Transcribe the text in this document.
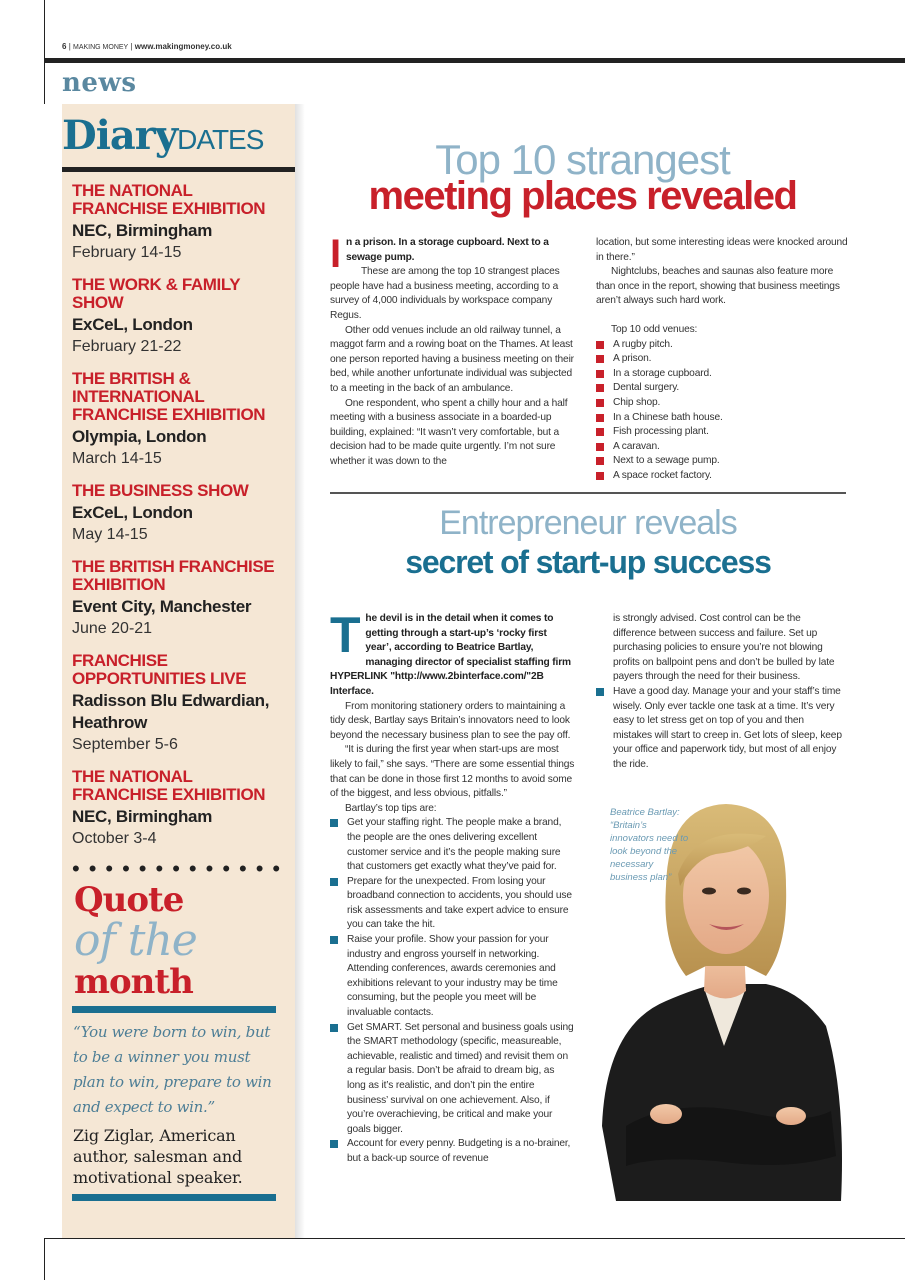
6 | MAKING MONEY | www.makingmoney.co.uk
news
DiaryDATES
THE NATIONAL FRANCHISE EXHIBITION
NEC, Birmingham
February 14-15
THE WORK & FAMILY SHOW
ExCeL, London
February 21-22
THE BRITISH & INTERNATIONAL FRANCHISE EXHIBITION
Olympia, London
March 14-15
THE BUSINESS SHOW
ExCeL, London
May 14-15
THE BRITISH FRANCHISE EXHIBITION
Event City, Manchester
June 20-21
FRANCHISE OPPORTUNITIES LIVE
Radisson Blu Edwardian, Heathrow
September 5-6
THE NATIONAL FRANCHISE EXHIBITION
NEC, Birmingham
October 3-4
•••••••••••••
Quote
of the
month
“You were born to win, but to be a winner you must plan to win, prepare to win and expect to win.”
Zig Ziglar, American author, salesman and motivational speaker.
Top 10 strangest
meeting places revealed

In a prison. In a storage cupboard. Next to a sewage pump.

These are among the top 10 strangest places people have had a business meeting, according to a survey of 4,000 individuals by workspace company Regus.

Other odd venues include an old railway tunnel, a maggot farm and a rowing boat on the Thames. At least one person reported having a business meeting on their bed, while another unfortunate individual was subjected to a meeting in the back of an ambulance.

One respondent, who spent a chilly hour and a half meeting with a business associate in a boarded-up building, explained: “It wasn’t very comfortable, but a decision had to be made quite urgently. I’m not sure whether it was down to the

location, but some interesting ideas were knocked around in there.”

Nightclubs, beaches and saunas also feature more than once in the report, showing that business meetings aren’t always such hard work.

Top 10 odd venues:

A rugby pitch.
A prison.
In a storage cupboard.
Dental surgery.
Chip shop.
In a Chinese bath house.
Fish processing plant.
A caravan.
Next to a sewage pump.
A space rocket factory.
Entrepreneur reveals
secret of start-up success

The devil is in the detail when it comes to getting through a start-up’s ‘rocky first year’, according to Beatrice Bartlay, managing director of specialist staffing firm HYPERLINK "http://www.2binterface.com/"2B Interface.

From monitoring stationery orders to maintaining a tidy desk, Bartlay says Britain’s innovators need to look beyond the necessary business plan to see the pay off.

“It is during the first year when start-ups are most likely to fail,” she says. “There are some essential things that can be done in those first 12 months to avoid some of the biggest, and less obvious, pitfalls.”

Bartlay’s top tips are:

Get your staffing right. The people make a brand, the people are the ones delivering excellent customer service and it’s the people making sure that customers get exactly what they’ve paid for.
Prepare for the unexpected. From losing your broadband connection to accidents, you should use risk assessments and take expert advice to ensure you can take the hit.
Raise your profile. Show your passion for your industry and engross yourself in networking. Attending conferences, awards ceremonies and exhibitions relevant to your industry may be time consuming, but the people you meet will be invaluable contacts.
Get SMART. Set personal and business goals using the SMART methodology (specific, measureable, achievable, realistic and timed) and revisit them on a regular basis. Don’t be afraid to dream big, as long as it’s realistic, and don’t pin the entire business’ survival on one achievement. Also, if you’re overachieving, be critical and make your goals bigger.
Account for every penny. Budgeting is a no-brainer, but a back-up source of revenue

is strongly advised. Cost control can be the difference between success and failure. Set up purchasing policies to ensure you’re not blowing profits on ballpoint pens and don’t be bulled by late payers through the need for their business.

Have a good day. Manage your and your staff’s time wisely. Only ever tackle one task at a time. It’s very easy to let stress get on top of you and then mistakes will start to creep in. Get lots of sleep, keep your office and paperwork tidy, but most of all enjoy the ride.
Beatrice Bartlay: “Britain’s innovators need to look beyond the necessary business plan”
